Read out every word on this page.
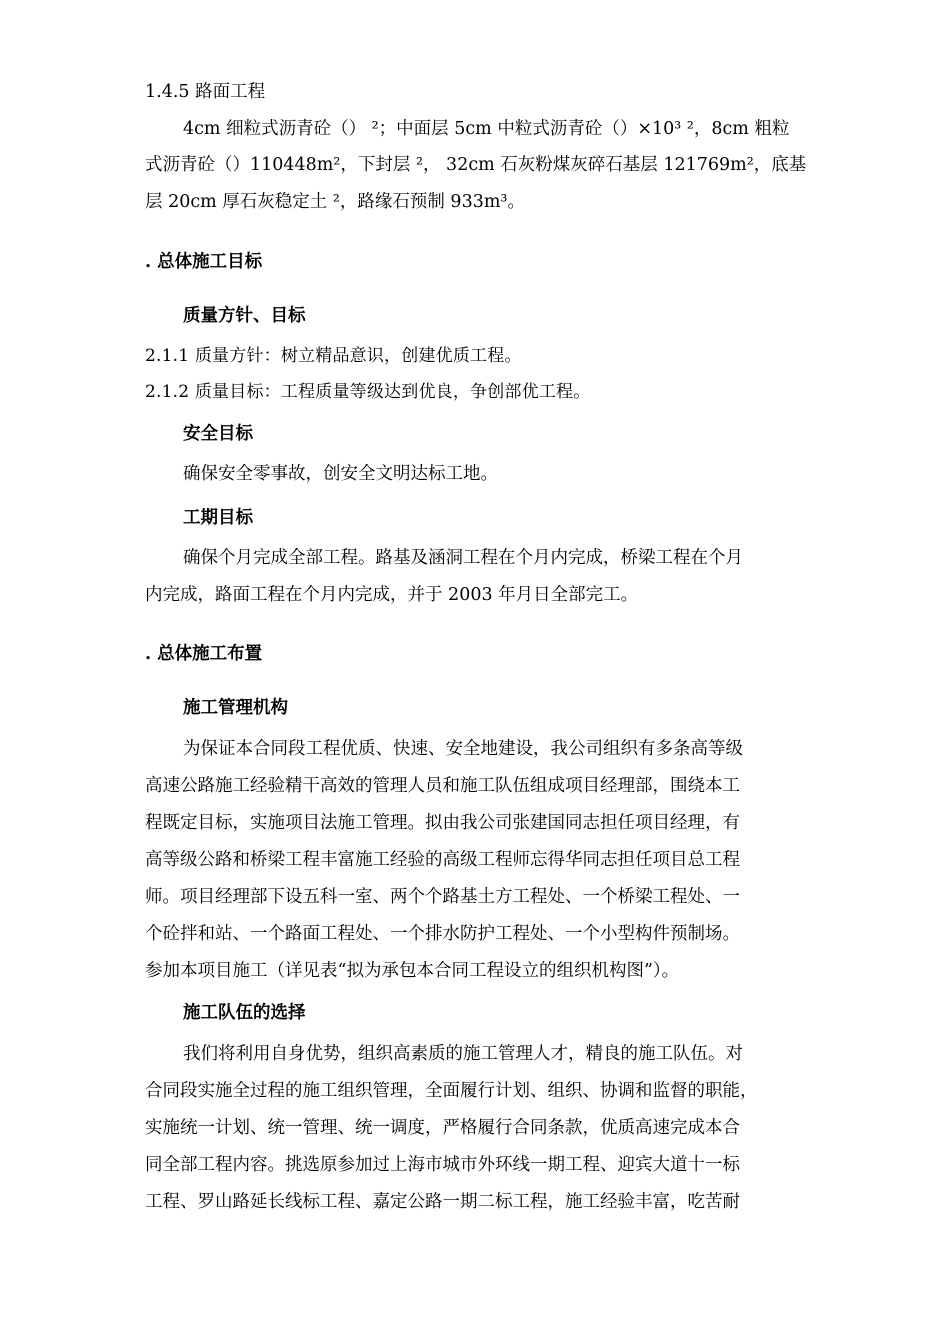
1.4.5 路面工程
4cm 细粒式沥青砼（） ²；中面层 5cm 中粒式沥青砼（）×10³ ²，8cm 粗粒
式沥青砼（）110448m²，下封层 ²， 32cm 石灰粉煤灰碎石基层 121769m²，底基
层 20cm 厚石灰稳定土 ²，路缘石预制 933m³。
. 总体施工目标
质量方针、目标
2.1.1 质量方针：树立精品意识，创建优质工程。
2.1.2 质量目标：工程质量等级达到优良，争创部优工程。
安全目标
确保安全零事故，创安全文明达标工地。
工期目标
确保个月完成全部工程。路基及涵洞工程在个月内完成，桥梁工程在个月
内完成，路面工程在个月内完成，并于 2003 年月日全部完工。
. 总体施工布置
施工管理机构
为保证本合同段工程优质、快速、安全地建设，我公司组织有多条高等级
高速公路施工经验精干高效的管理人员和施工队伍组成项目经理部，围绕本工
程既定目标，实施项目法施工管理。拟由我公司张建国同志担任项目经理，有
高等级公路和桥梁工程丰富施工经验的高级工程师忘得华同志担任项目总工程
师。项目经理部下设五科一室、两个个路基土方工程处、一个桥梁工程处、一
个砼拌和站、一个路面工程处、一个排水防护工程处、一个小型构件预制场。
参加本项目施工（详见表“拟为承包本合同工程设立的组织机构图”）。
施工队伍的选择
我们将利用自身优势，组织高素质的施工管理人才，精良的施工队伍。对
合同段实施全过程的施工组织管理，全面履行计划、组织、协调和监督的职能，
实施统一计划、统一管理、统一调度，严格履行合同条款，优质高速完成本合
同全部工程内容。挑选原参加过上海市城市外环线一期工程、迎宾大道十一标
工程、罗山路延长线标工程、嘉定公路一期二标工程，施工经验丰富，吃苦耐
